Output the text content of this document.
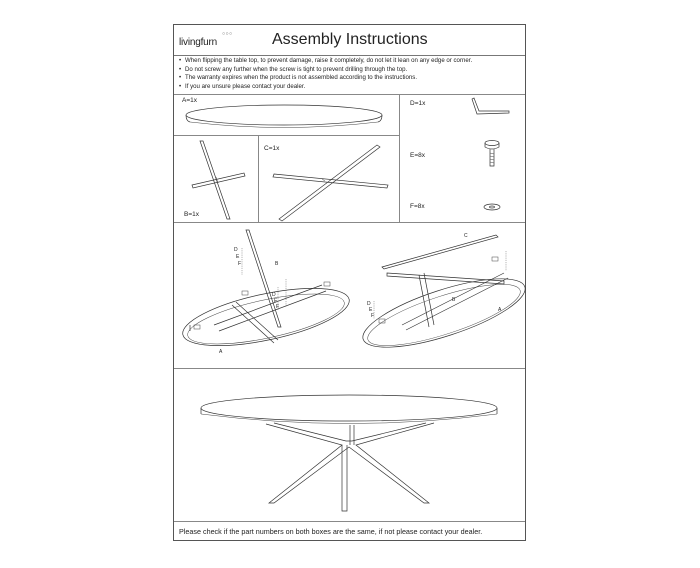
○○○
livingfurn	Assembly Instructions
• When flipping the table top, to prevent damage, raise it completely, do not let it lean on any edge or corner.
• Do not screw any further when the screw is tight to prevent drilling through the top.
• The warranty expires when the product is not assembled according to the instructions.
• If you are unsure please contact your dealer.
A=1x
B=1x
C=1x
D=1x
E=8x
F=8x
D
E
F	B
D
E
F
A
C
B
A
D
E
F
Please check if the part numbers on both boxes are the same, if not please contact your dealer.
